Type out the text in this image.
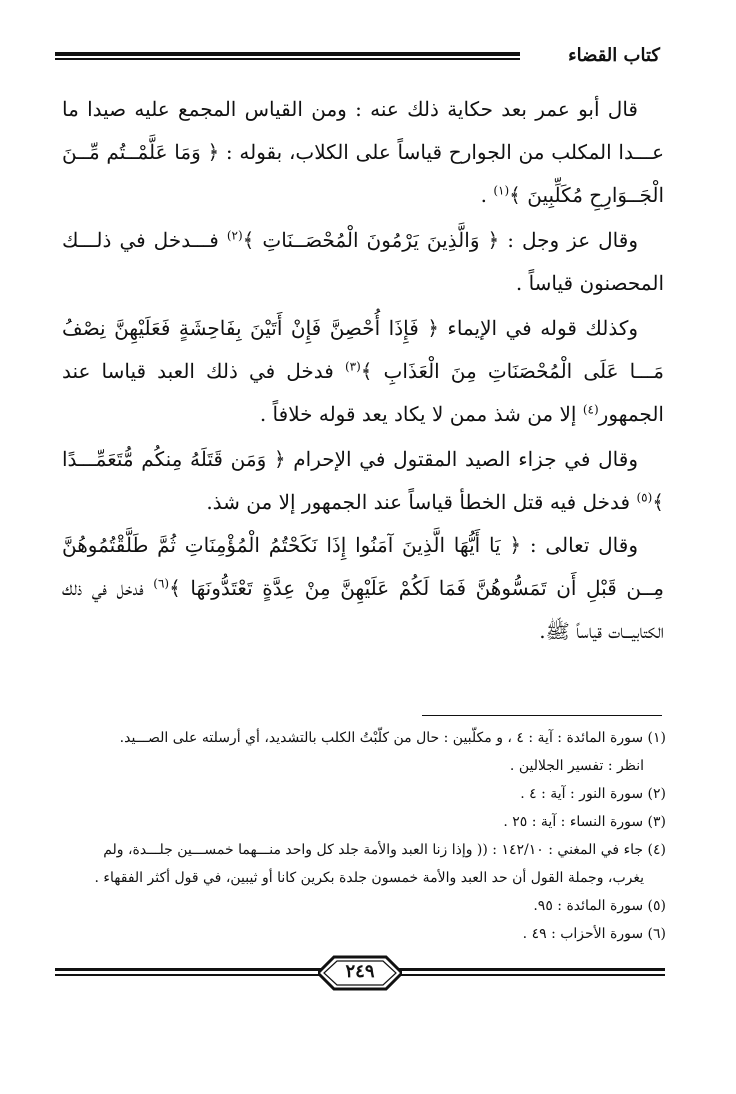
كتاب القضاء

قال أبو عمر بعد حكاية ذلك عنه : ومن القياس المجمع عليه صيدا ما عـــدا المكلب من الجوارح قياساً على الكلاب، بقوله : ﴿ وَمَا عَلَّمْــتُم مِّــنَ الْجَــوَارِحِ مُكَلِّبِينَ ﴾$^{(١)}$ .

وقال عز وجل : ﴿ وَالَّذِينَ يَرْمُونَ الْمُحْصَــنَاتِ ﴾$^{(٢)}$ فـــدخل في ذلـــك المحصنون قياساً .

وكذلك قوله في الإيماء ﴿ فَإِذَا أُحْصِنَّ فَإِنْ أَتَيْنَ بِفَاحِشَةٍ فَعَلَيْهِنَّ نِصْفُ مَـــا عَلَى الْمُحْصَنَاتِ مِنَ الْعَذَابِ ﴾$^{(٣)}$ فدخل في ذلك العبد قياسا عند الجمهور$^{(٤)}$ إلا من شذ ممن لا يكاد يعد قوله خلافاً .

وقال في جزاء الصيد المقتول في الإحرام ﴿ وَمَن قَتَلَهُ مِنكُم مُّتَعَمِّـــدًا ﴾$^{(٥)}$ فدخل فيه قتل الخطأ قياساً عند الجمهور إلا من شذ.

وقال تعالى : ﴿ يَا أَيُّهَا الَّذِينَ آمَنُوا إِذَا نَكَحْتُمُ الْمُؤْمِنَاتِ ثُمَّ طَلَّقْتُمُوهُنَّ مِــن قَبْلِ أَن تَمَسُّوهُنَّ فَمَا لَكُمْ عَلَيْهِنَّ مِنْ عِدَّةٍ تَعْتَدُّونَهَا ﴾$^{(٦)}$ فدخل في ذلك الكتابيـــات قياساً ﷺ.

(١) سورة المائدة : آية : ٤ ، و مكلّبين : حال من كلّبْتُ الكلب بالتشديد، أي أرسلته على الصـــيد.
انظر : تفسير الجلالين .
(٢) سورة النور : آية : ٤ .
(٣) سورة النساء : آية : ٢٥ .
(٤) جاء في المغني : ١٤٢/١٠ : (( وإذا زنا العبد والأمة جلد كل واحد منـــهما خمســـين جلـــدة، ولم
يغرب، وجملة القول أن حد العبد والأمة خمسون جلدة بكرين كانا أو ثيبين، في قول أكثر الفقهاء .
(٥) سورة المائدة : ٩٥.
(٦) سورة الأحزاب : ٤٩ .
٢٤٩
